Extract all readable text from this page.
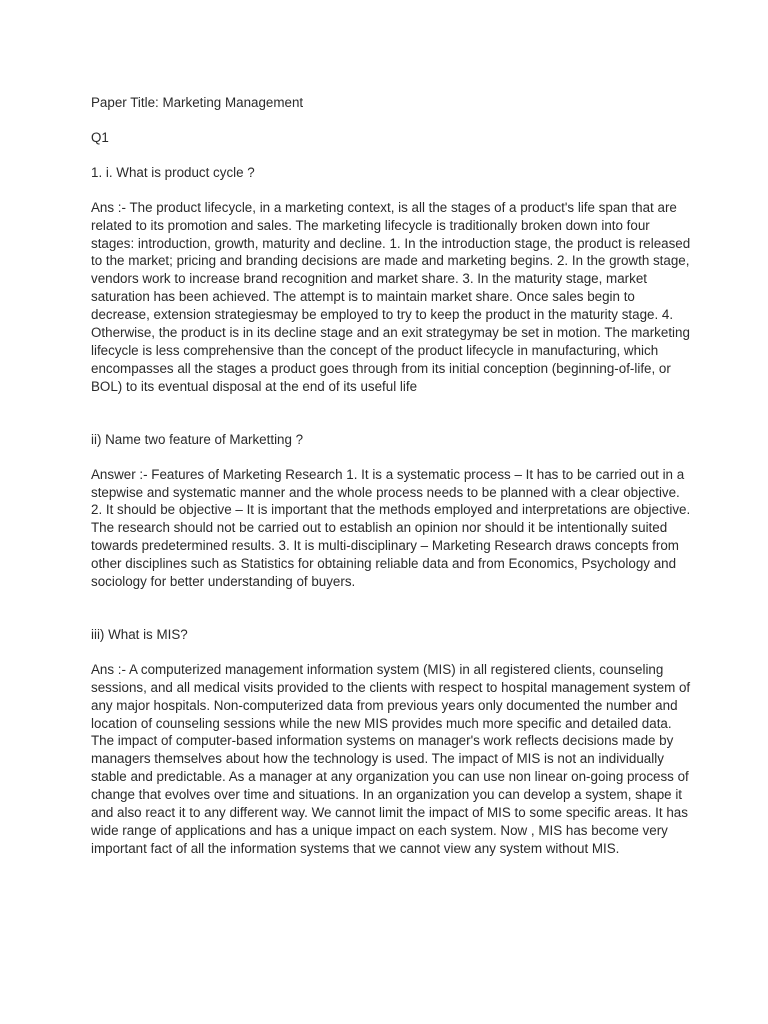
Paper Title: Marketing Management

Q1

1. i. What is product cycle ?

Ans :- The product lifecycle, in a marketing context, is all the stages of a product's life span that are related to its promotion and sales. The marketing lifecycle is traditionally broken down into four stages: introduction, growth, maturity and decline. 1. In the introduction stage, the product is released to the market; pricing and branding decisions are made and marketing begins. 2. In the growth stage, vendors work to increase brand recognition and market share. 3. In the maturity stage, market saturation has been achieved. The attempt is to maintain market share. Once sales begin to decrease, extension strategiesmay be employed to try to keep the product in the maturity stage. 4. Otherwise, the product is in its decline stage and an exit strategymay be set in motion. The marketing lifecycle is less comprehensive than the concept of the product lifecycle in manufacturing, which encompasses all the stages a product goes through from its initial conception (beginning-of-life, or BOL) to its eventual disposal at the end of its useful life

ii) Name two feature of Marketting ?

Answer :- Features of Marketing Research 1. It is a systematic process – It has to be carried out in a stepwise and systematic manner and the whole process needs to be planned with a clear objective. 2. It should be objective – It is important that the methods employed and interpretations are objective. The research should not be carried out to establish an opinion nor should it be intentionally suited towards predetermined results. 3. It is multi-disciplinary – Marketing Research draws concepts from other disciplines such as Statistics for obtaining reliable data and from Economics, Psychology and sociology for better understanding of buyers.

iii) What is MIS?

Ans :- A computerized management information system (MIS) in all registered clients, counseling sessions, and all medical visits provided to the clients with respect to hospital management system of any major hospitals. Non-computerized data from previous years only documented the number and location of counseling sessions while the new MIS provides much more specific and detailed data. The impact of computer-based information systems on manager's work reflects decisions made by managers themselves about how the technology is used. The impact of MIS is not an individually stable and predictable. As a manager at any organization you can use non linear on-going process of change that evolves over time and situations. In an organization you can develop a system, shape it and also react it to any different way. We cannot limit the impact of MIS to some specific areas. It has wide range of applications and has a unique impact on each system. Now , MIS has become very important fact of all the information systems that we cannot view any system without MIS.
